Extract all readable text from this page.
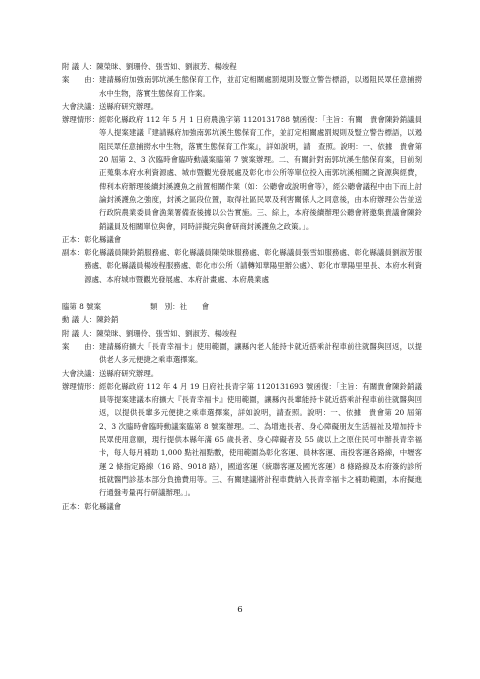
附 議 人： 陳榮昧、劉珊伶、張雪如、劉淑芳、楊竣程
案　　由： 建請縣府加強南郭坑溪生態保育工作，並訂定相關處罰規則及豎立警告標語，以遏阻民眾任意捕撈水中生物，落實生態保育工作案。
大會決議： 送縣府研究辦理。
辦理情形： 經彰化縣政府 112 年 5 月 1 日府農漁字第 1120131788 號函復：「主旨：有關　貴會陳鈴銷議員等人提案建議『建請縣府加強南郭坑溪生態保育工作，並訂定相關處罰規則及豎立警告標語，以遏阻民眾任意捕撈水中生物，落實生態保育工作案』，詳如說明，請　查照。說明：一、依據　貴會第 20 屆第 2、3 次臨時會臨時動議案臨第 7 號案辦理。二、有關針對南郭坑溪生態保育案，目前刻正蒐集本府水利資源處、城市暨觀光發展處及彰化市公所等單位投入南郭坑溪相關之資源與經費，俾利本府辦理後續封溪護魚之前置相關作業（如：公聽會或說明會等），經公聽會議程中由下而上討論封溪護魚之強度，封溪之區段位置，取得社區民眾及利害關係人之同意後，由本府辦理公告並送行政院農業委員會漁業署備查後據以公告實施。三、綜上，本府後續辦理公聽會將邀集貴議會陳鈴銷議員及相關單位與會，同時詳擬完與會研商封溪護魚之政策。」。
正本： 彰化縣議會
副本： 彰化縣議員陳鈴銷服務處、彰化縣議員陳榮昧服務處、彰化縣議員張雪如服務處、彰化縣議員劉淑芳服務處、彰化縣議員楊竣程服務處、彰化市公所（請轉知華陽里辦公處）、彰化市華陽里里長、本府水利資源處、本府城市暨觀光發展處、本府計畫處、本府農業處
臨第 8 號案	類　別： 社　　會
動 議 人： 陳鈴銷
附 議 人： 陳榮昧、劉珊伶、張雪如、劉淑芳、楊竣程
案　　由： 建請縣府擴大「長青幸福卡」使用範圍，讓縣內老人能持卡就近搭乘計程車前往就醫與回返，以提供老人多元便捷之乘車選擇案。
大會決議： 送縣府研究辦理。
辦理情形： 經彰化縣政府 112 年 4 月 19 日府社長青字第 1120131693 號函復：「主旨：有關貴會陳鈴銷議員等提案建議本府擴大『長青幸福卡』使用範圍，讓縣內長輩能持卡就近搭乘計程車前往就醫與回返，以提供長輩多元便捷之乘車選擇案，詳如說明，請查照。說明：一、依據　貴會第 20 屆第 2、3 次臨時會臨時動議案臨第 8 號案辦理。二、為增進長者、身心障礙朋友生活福祉及增加持卡民眾使用意願，現行提供本縣年滿 65 歲長者、身心障礙者及 55 歲以上之原住民可申辦長青幸福卡，每人每月補助 1,000 點社福點數，使用範圍為彰化客運、員林客運、南投客運各路線，中壢客運 2 條指定路線（16 路、9018 路），國道客運（統聯客運及國光客運）8 條路線及本府簽約診所抵就醫門診基本部分負擔費用等。三、有關建議將計程車費納入長青幸福卡之補助範圍，本府擬進行通盤考量再行研議辦理。」。
正本： 彰化縣議會
6
